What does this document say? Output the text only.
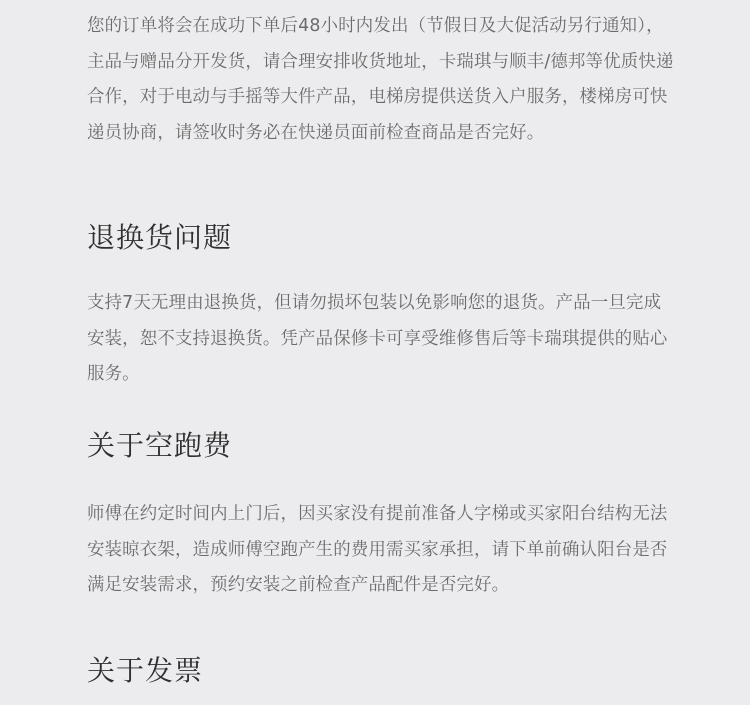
您的订单将会在成功下单后48小时内发出（节假日及大促活动另行通知），主品与赠品分开发货，请合理安排收货地址，卡瑞琪与顺丰/德邦等优质快递合作，对于电动与手摇等大件产品，电梯房提供送货入户服务，楼梯房可快递员协商，请签收时务必在快递员面前检查商品是否完好。

退换货问题

支持7天无理由退换货，但请勿损坏包装以免影响您的退货。产品一旦完成安装，恕不支持退换货。凭产品保修卡可享受维修售后等卡瑞琪提供的贴心服务。

关于空跑费

师傅在约定时间内上门后，因买家没有提前准备人字梯或买家阳台结构无法安装晾衣架，造成师傅空跑产生的费用需买家承担，请下单前确认阳台是否满足安装需求，预约安装之前检查产品配件是否完好。

关于发票
